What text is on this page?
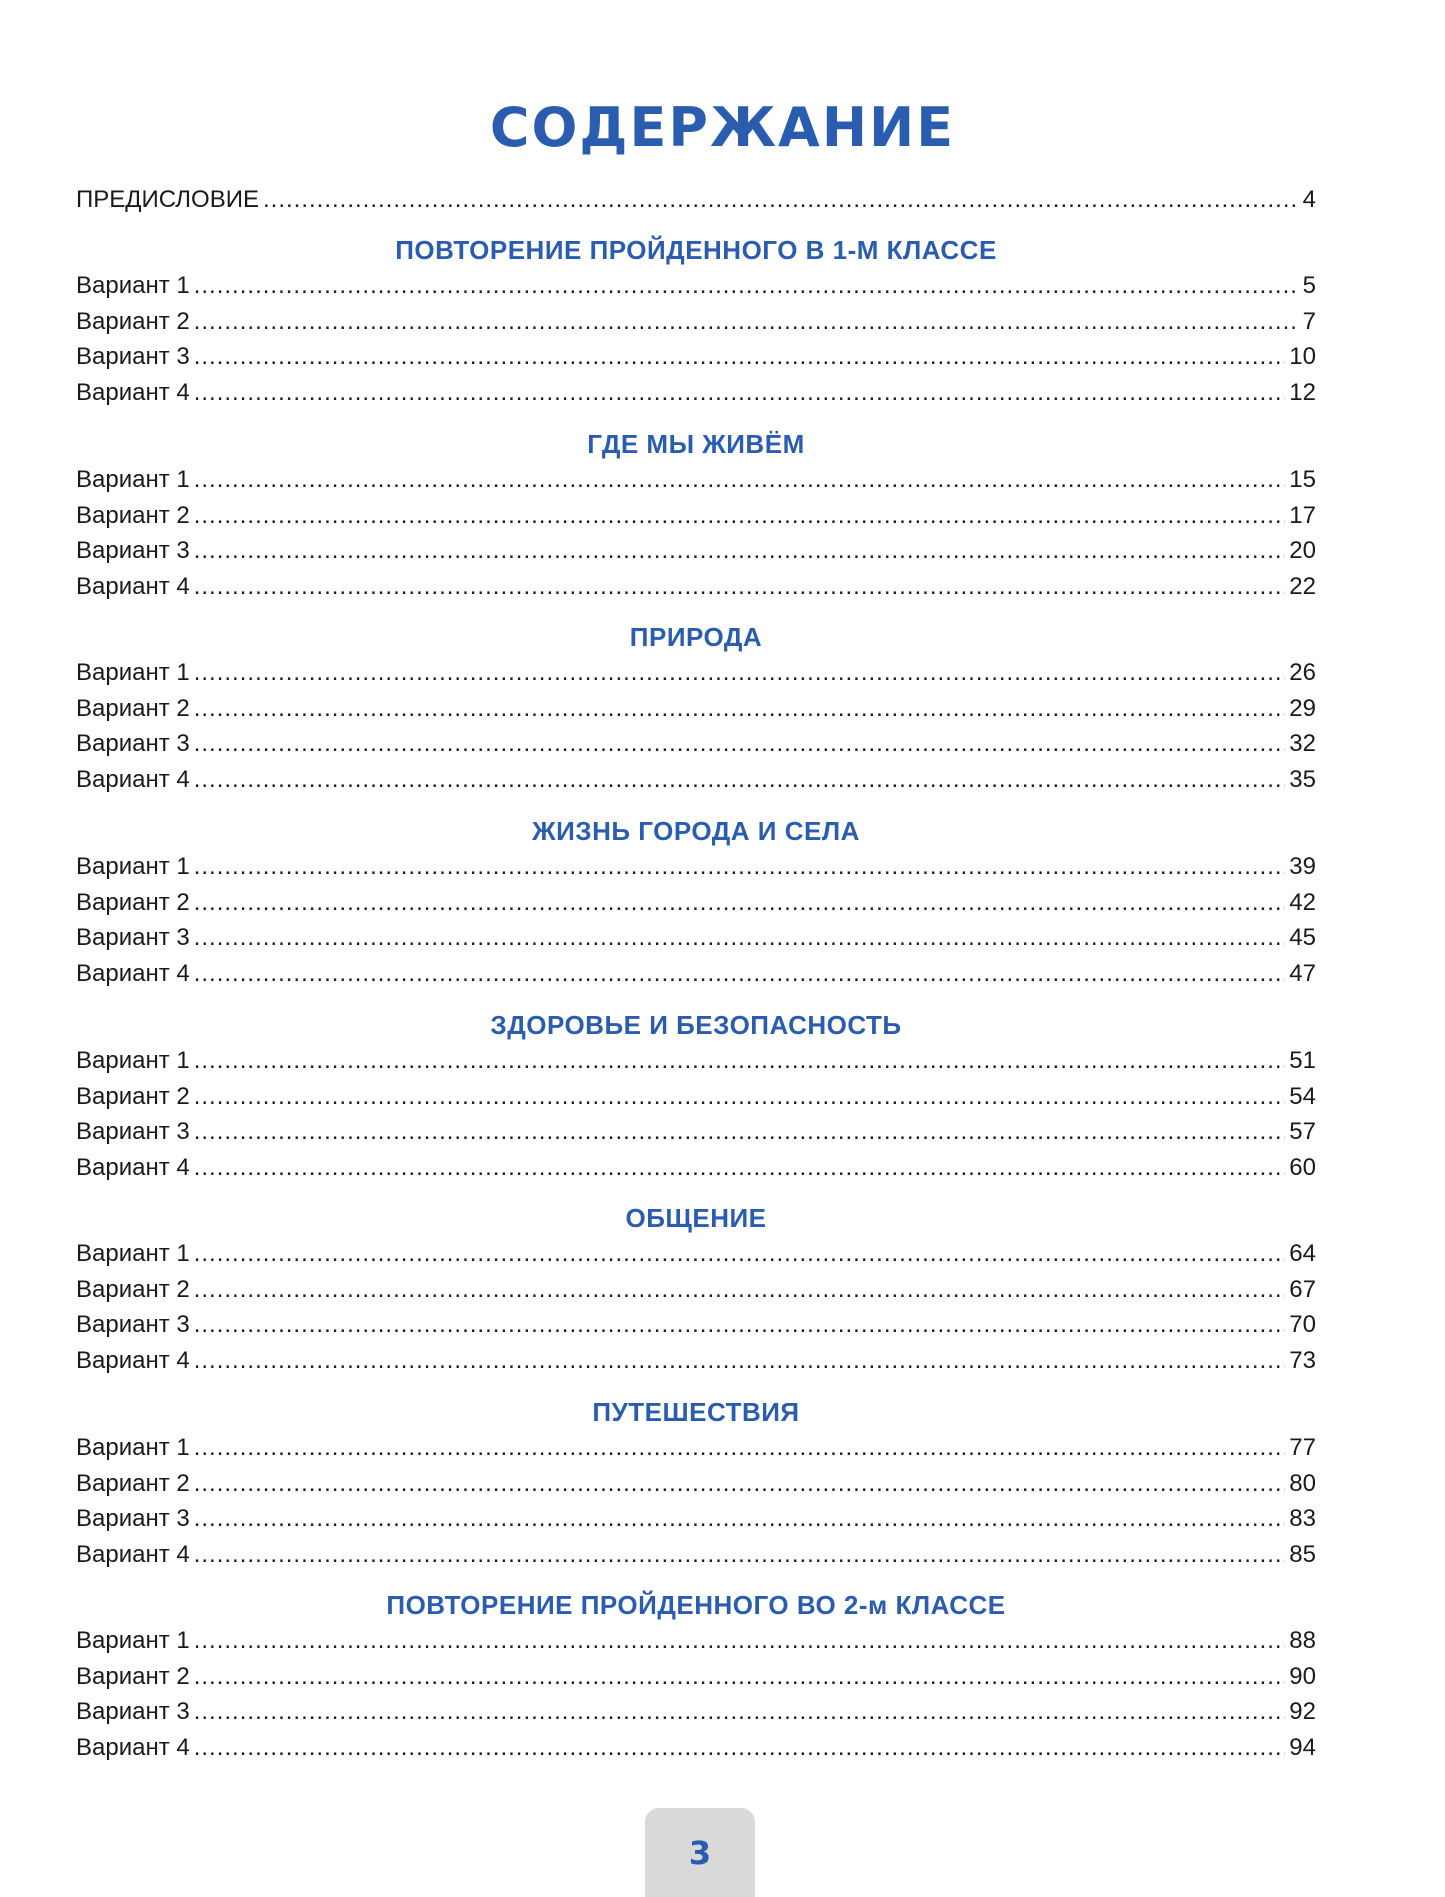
СОДЕРЖАНИЕ
ПРЕДИСЛОВИЕ .....	4
ПОВТОРЕНИЕ ПРОЙДЕННОГО В 1-М КЛАССЕ
Вариант 1 .....	5
Вариант 2 .....	7
Вариант 3 .....	10
Вариант 4 .....	12
ГДЕ МЫ ЖИВЁМ
Вариант 1 .....	15
Вариант 2 .....	17
Вариант 3 .....	20
Вариант 4 .....	22
ПРИРОДА
Вариант 1 .....	26
Вариант 2 .....	29
Вариант 3 .....	32
Вариант 4 .....	35
ЖИЗНЬ ГОРОДА И СЕЛА
Вариант 1 .....	39
Вариант 2 .....	42
Вариант 3 .....	45
Вариант 4 .....	47
ЗДОРОВЬЕ И БЕЗОПАСНОСТЬ
Вариант 1 .....	51
Вариант 2 .....	54
Вариант 3 .....	57
Вариант 4 .....	60
ОБЩЕНИЕ
Вариант 1 .....	64
Вариант 2 .....	67
Вариант 3 .....	70
Вариант 4 .....	73
ПУТЕШЕСТВИЯ
Вариант 1 .....	77
Вариант 2 .....	80
Вариант 3 .....	83
Вариант 4 .....	85
ПОВТОРЕНИЕ ПРОЙДЕННОГО ВО 2-м КЛАССЕ
Вариант 1 .....	88
Вариант 2 .....	90
Вариант 3 .....	92
Вариант 4 .....	94
3
